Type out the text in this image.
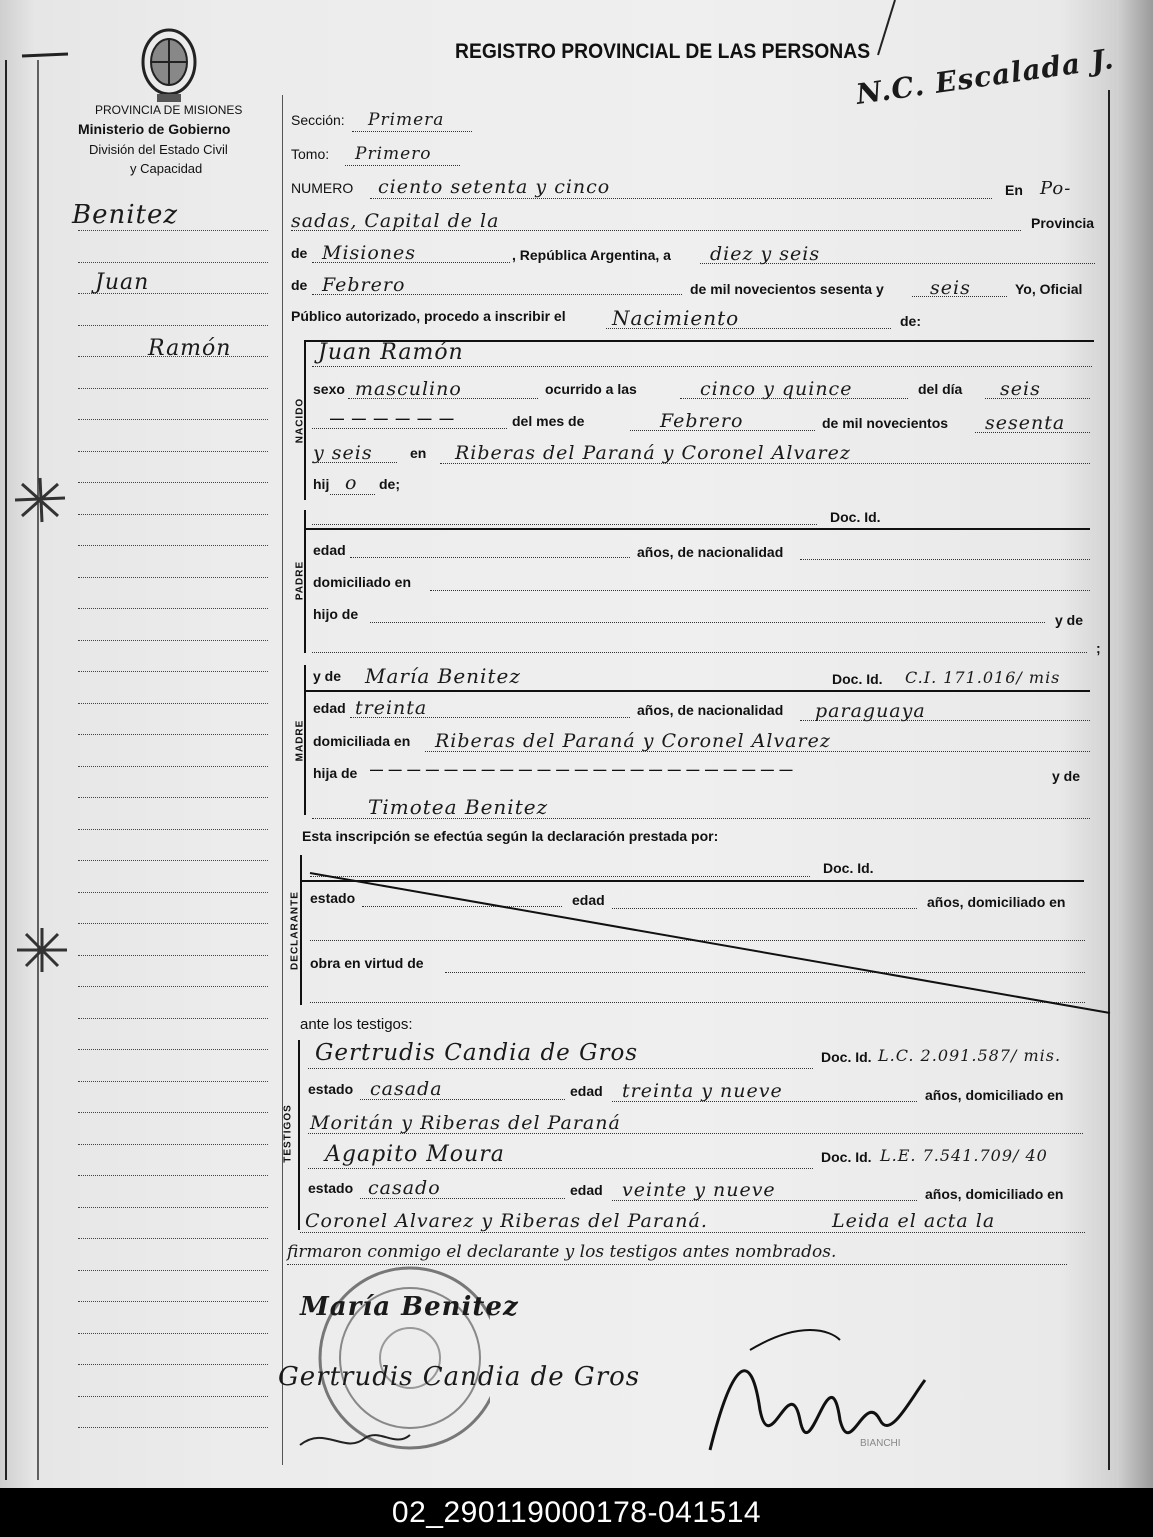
PROVINCIA DE MISIONES
Ministerio de Gobierno
División del Estado Civil
y Capacidad
REGISTRO PROVINCIAL DE LAS PERSONAS
N.C. Escalada J.
Benitez
Juan
Ramón
Sección: Primera
Tomo: Primero
NUMERO ciento setenta y cinco	En Po-
sadas, Capital de la	Provincia
de Misiones	, República Argentina, a diez y seis
de Febrero	de mil novecientos sesenta y seis	Yo, Oficial
Público autorizado, procedo a inscribir el Nacimiento	de:
NACIDO
Juan Ramón
sexo masculino	ocurrido a las	cinco y quince	del día seis
— — — — — —	del mes de	Febrero	de mil novecientos sesenta
y seis	en Riberas del Paraná y Coronel Alvarez
hij o de;
PADRE
Doc. Id.
edad	años, de nacionalidad
domiciliado en
hijo de	y de
;
MADRE
y de María Benitez	Doc. Id. C.I. 171.016/ mis
edad treinta	años, de nacionalidad paraguaya
domiciliada en Riberas del Paraná y Coronel Alvarez
hija de — — — — — — — — — — — — — — — — — — — — — — —	y de
Timotea Benitez
Esta inscripción se efectúa según la declaración prestada por:
DECLARANTE
Doc. Id.
estado	edad	años, domiciliado en
obra en virtud de
ante los testigos:
TESTIGOS
Gertrudis Candia de Gros	Doc. Id. L.C. 2.091.587/ mis.
estado casada	edad treinta y nueve	años, domiciliado en
Moritán y Riberas del Paraná
Agapito Moura	Doc. Id. L.E. 7.541.709/ 40
estado casado	edad veinte y nueve	años, domiciliado en
Coronel Alvarez y Riberas del Paraná.	Leida el acta la
firmaron conmigo el declarante y los testigos antes nombrados.
María Benitez
Gertrudis Candia de Gros
BIANCHI
02_290119000178-041514
